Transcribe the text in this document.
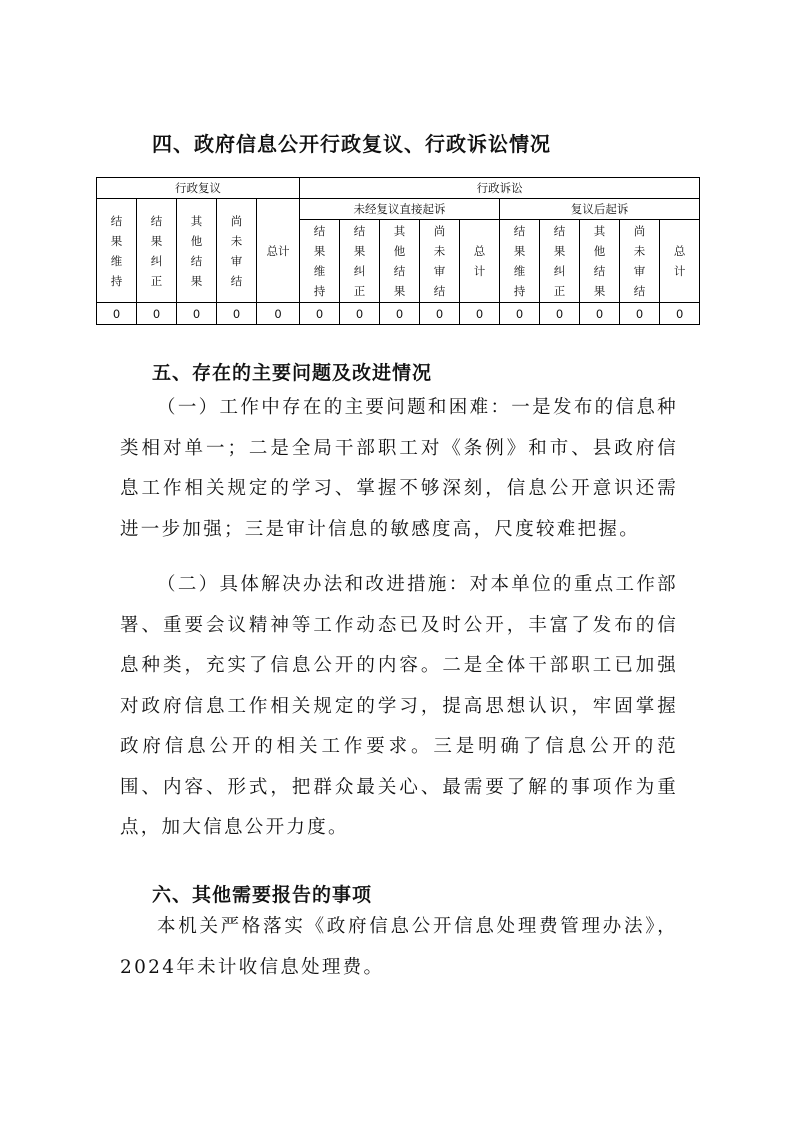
四、政府信息公开行政复议、行政诉讼情况
行政复议					行政诉讼									

结果维持	结果纠正	其他结果	尚未审结	总计	未经复议直接起诉					复议后起诉				

					结果维持	结果纠正	其他结果	尚未审结	总计	结果维持	结果纠正	其他结果	尚未审结	总计

0	0	0	0	0	0	0	0	0	0	0	0	0	0	0
五、存在的主要问题及改进情况

（一）工作中存在的主要问题和困难：一是发布的信息种类相对单一；二是全局干部职工对《条例》和市、县政府信息工作相关规定的学习、掌握不够深刻，信息公开意识还需进一步加强；三是审计信息的敏感度高，尺度较难把握。

（二）具体解决办法和改进措施：对本单位的重点工作部署、重要会议精神等工作动态已及时公开，丰富了发布的信息种类，充实了信息公开的内容。二是全体干部职工已加强对政府信息工作相关规定的学习，提高思想认识，牢固掌握政府信息公开的相关工作要求。三是明确了信息公开的范围、内容、形式，把群众最关心、最需要了解的事项作为重点，加大信息公开力度。

六、其他需要报告的事项

本机关严格落实《政府信息公开信息处理费管理办法》，2024年未计收信息处理费。
